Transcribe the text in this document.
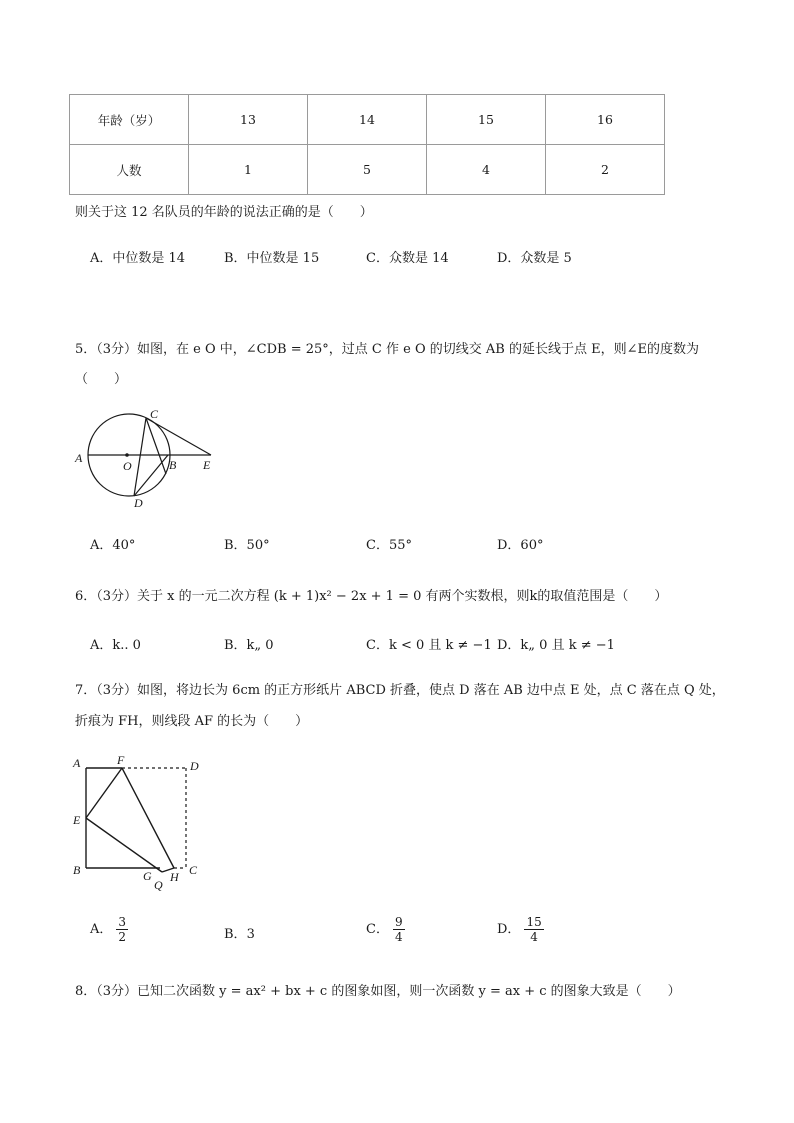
年龄（岁）	13	14	15	16
人数	1	5	4	2
则关于这 12 名队员的年龄的说法正确的是（　　）
A．中位数是 14	B．中位数是 15	C．众数是 14	D．众数是 5
5．（3分）如图，在 e O 中，∠CDB = 25°，过点 C 作 e O 的切线交 AB 的延长线于点 E，则∠E的度数为
（　　）
A
O	B E
C
D
A．40°	B．50°	C．55°	D．60°
6．（3分）关于 x 的一元二次方程 (k + 1)x² − 2x + 1 = 0 有两个实数根，则k的取值范围是（　　）
A．k.. 0	B．k„ 0	C．k < 0 且 k ≠ −1 D．k„ 0 且 k ≠ −1
7．（3分）如图，将边长为 6cm 的正方形纸片 ABCD 折叠，使点 D 落在 AB 边中点 E 处，点 C 落在点 Q 处，
折痕为 FH，则线段 AF 的长为（　　）
A	F	D
E
B	G H C
Q
A． $\frac{3}{2}$	B．3	C． $\frac{9}{4}$	D． $\frac{15}{4}$
8．（3分）已知二次函数 y = ax² + bx + c 的图象如图，则一次函数 y = ax + c 的图象大致是（　　）
